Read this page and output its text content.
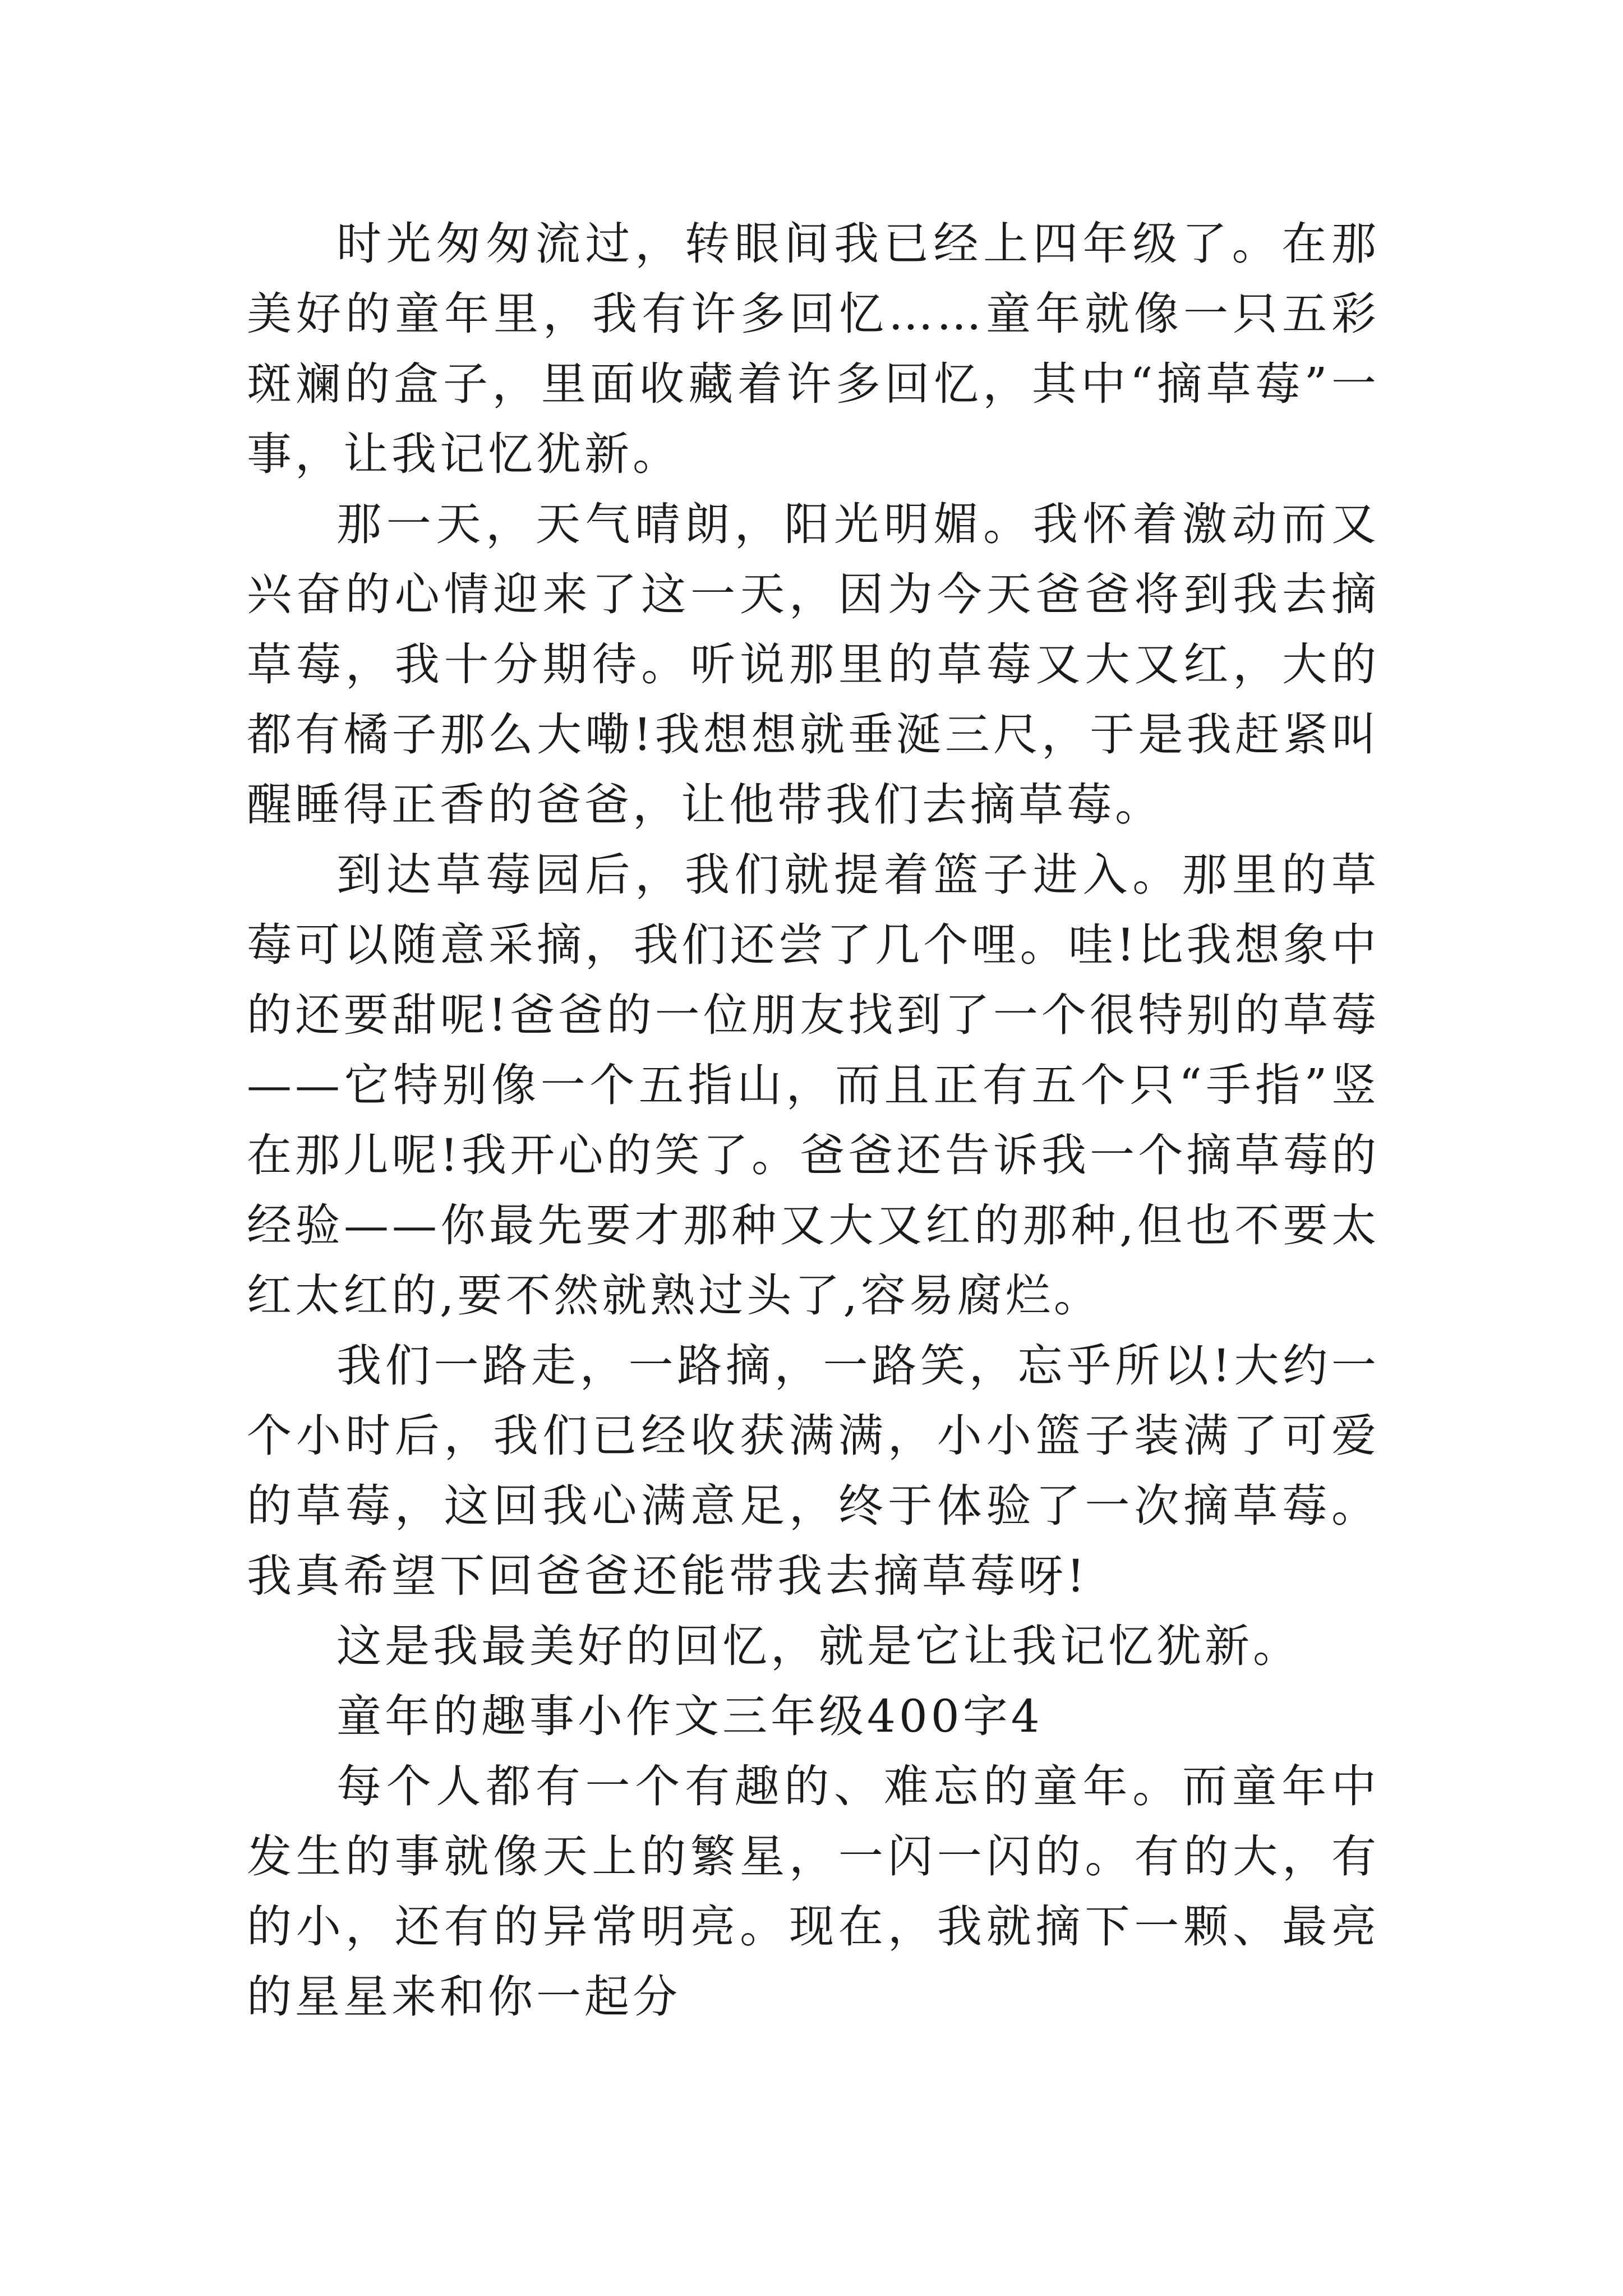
时光匆匆流过，转眼间我已经上四年级了。在那美好的童年里，我有许多回忆……童年就像一只五彩斑斓的盒子，里面收藏着许多回忆，其中“摘草莓”一事，让我记忆犹新。

那一天，天气晴朗，阳光明媚。我怀着激动而又兴奋的心情迎来了这一天，因为今天爸爸将到我去摘草莓，我十分期待。听说那里的草莓又大又红，大的都有橘子那么大嘞!我想想就垂涎三尺，于是我赶紧叫醒睡得正香的爸爸，让他带我们去摘草莓。

到达草莓园后，我们就提着篮子进入。那里的草莓可以随意采摘，我们还尝了几个哩。哇!比我想象中的还要甜呢!爸爸的一位朋友找到了一个很特别的草莓——它特别像一个五指山，而且正有五个只“手指”竖在那儿呢!我开心的笑了。爸爸还告诉我一个摘草莓的经验——你最先要才那种又大又红的那种,但也不要太红太红的,要不然就熟过头了,容易腐烂。

我们一路走，一路摘，一路笑，忘乎所以!大约一个小时后，我们已经收获满满，小小篮子装满了可爱的草莓，这回我心满意足，终于体验了一次摘草莓。我真希望下回爸爸还能带我去摘草莓呀!

这是我最美好的回忆，就是它让我记忆犹新。

童年的趣事小作文三年级400字4

每个人都有一个有趣的、难忘的童年。而童年中发生的事就像天上的繁星，一闪一闪的。有的大，有的小，还有的异常明亮。现在，我就摘下一颗、最亮的星星来和你一起分
